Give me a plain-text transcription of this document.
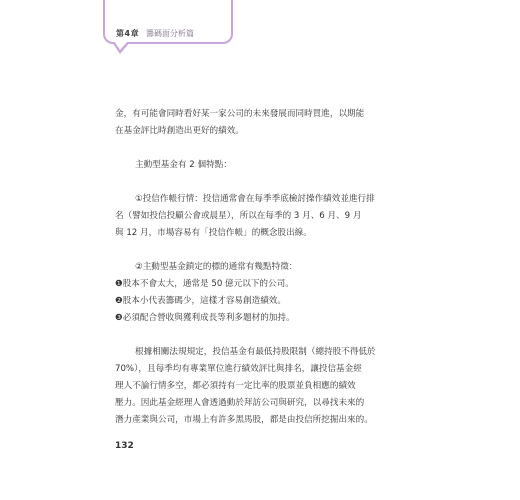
第4章 籌碼面分析篇

金，有可能會同時看好某一家公司的未來發展而同時買進，以期能

在基金評比時創造出更好的績效。

主動型基金有 2 個特點：

①投信作帳行情：投信通常會在每季季底檢討操作績效並進行排

名（譬如投信投顧公會或晨星），所以在每季的 3 月、6 月、9 月

與 12 月，市場容易有「投信作帳」的概念股出線。

②主動型基金鎖定的標的通常有幾點特徵：

❶股本不會太大，通常是 50 億元以下的公司。

❷股本小代表籌碼少，這樣才容易創造績效。

❸必須配合營收與獲利成長等利多題材的加持。

根據相關法規規定，投信基金有最低持股限制（總持股不得低於

70%），且每季均有專業單位進行績效評比與排名，讓投信基金經

理人不論行情多空，都必須持有一定比率的股票並負相應的績效

壓力。因此基金經理人會透過動於拜訪公司與研究，以尋找未來的

潛力產業與公司，市場上有許多黑馬股，都是由投信所挖掘出來的。

132
